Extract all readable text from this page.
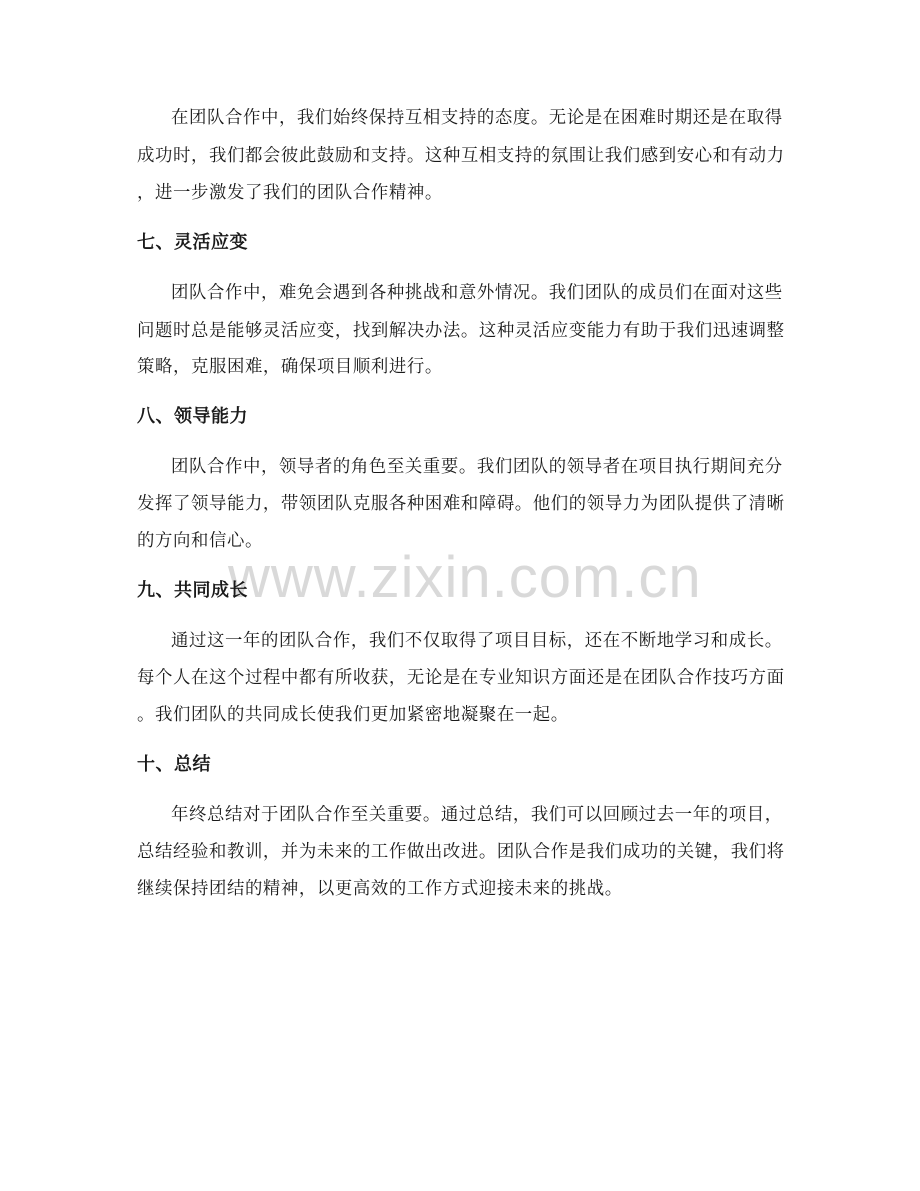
在团队合作中，我们始终保持互相支持的态度。无论是在困难时期还是在取得
成功时，我们都会彼此鼓励和支持。这种互相支持的氛围让我们感到安心和有动力
，进一步激发了我们的团队合作精神。
七、灵活应变
团队合作中，难免会遇到各种挑战和意外情况。我们团队的成员们在面对这些
问题时总是能够灵活应变，找到解决办法。这种灵活应变能力有助于我们迅速调整
策略，克服困难，确保项目顺利进行。
八、领导能力
团队合作中，领导者的角色至关重要。我们团队的领导者在项目执行期间充分
发挥了领导能力，带领团队克服各种困难和障碍。他们的领导力为团队提供了清晰
的方向和信心。
www.zixin.com.cn
九、共同成长
通过这一年的团队合作，我们不仅取得了项目目标，还在不断地学习和成长。
每个人在这个过程中都有所收获，无论是在专业知识方面还是在团队合作技巧方面
。我们团队的共同成长使我们更加紧密地凝聚在一起。
十、总结
年终总结对于团队合作至关重要。通过总结，我们可以回顾过去一年的项目，
总结经验和教训，并为未来的工作做出改进。团队合作是我们成功的关键，我们将
继续保持团结的精神，以更高效的工作方式迎接未来的挑战。
